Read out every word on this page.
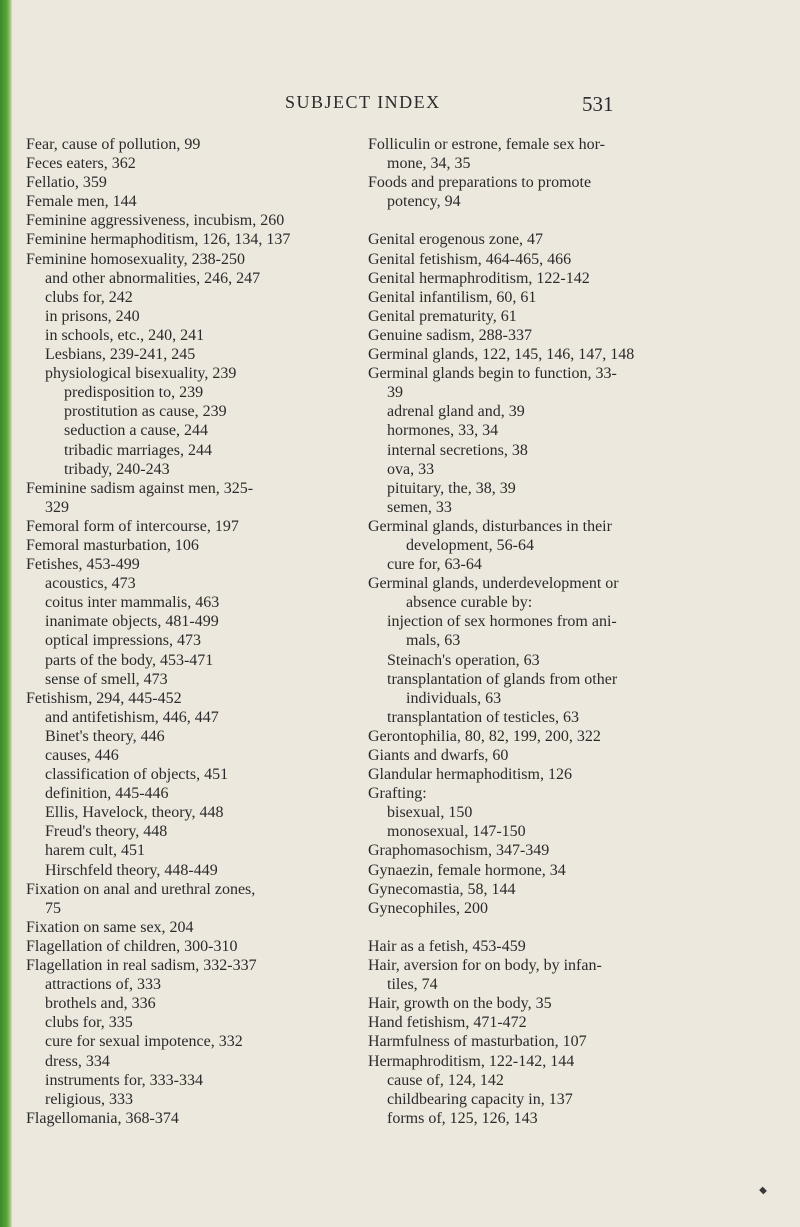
SUBJECT INDEX	531
Fear, cause of pollution, 99
Feces eaters, 362
Fellatio, 359
Female men, 144
Feminine aggressiveness, incubism, 260
Feminine hermaphoditism, 126, 134, 137
Feminine homosexuality, 238-250
and other abnormalities, 246, 247
clubs for, 242
in prisons, 240
in schools, etc., 240, 241
Lesbians, 239-241, 245
physiological bisexuality, 239
predisposition to, 239
prostitution as cause, 239
seduction a cause, 244
tribadic marriages, 244
tribady, 240-243
Feminine sadism against men, 325-
329
Femoral form of intercourse, 197
Femoral masturbation, 106
Fetishes, 453-499
acoustics, 473
coitus inter mammalis, 463
inanimate objects, 481-499
optical impressions, 473
parts of the body, 453-471
sense of smell, 473
Fetishism, 294, 445-452
and antifetishism, 446, 447
Binet's theory, 446
causes, 446
classification of objects, 451
definition, 445-446
Ellis, Havelock, theory, 448
Freud's theory, 448
harem cult, 451
Hirschfeld theory, 448-449
Fixation on anal and urethral zones,
75
Fixation on same sex, 204
Flagellation of children, 300-310
Flagellation in real sadism, 332-337
attractions of, 333
brothels and, 336
clubs for, 335
cure for sexual impotence, 332
dress, 334
instruments for, 333-334
religious, 333
Flagellomania, 368-374
Folliculin or estrone, female sex hor-
mone, 34, 35
Foods and preparations to promote
potency, 94
Genital erogenous zone, 47
Genital fetishism, 464-465, 466
Genital hermaphroditism, 122-142
Genital infantilism, 60, 61
Genital prematurity, 61
Genuine sadism, 288-337
Germinal glands, 122, 145, 146, 147, 148
Germinal glands begin to function, 33-
39
adrenal gland and, 39
hormones, 33, 34
internal secretions, 38
ova, 33
pituitary, the, 38, 39
semen, 33
Germinal glands, disturbances in their
development, 56-64
cure for, 63-64
Germinal glands, underdevelopment or
absence curable by:
injection of sex hormones from ani-
mals, 63
Steinach's operation, 63
transplantation of glands from other
individuals, 63
transplantation of testicles, 63
Gerontophilia, 80, 82, 199, 200, 322
Giants and dwarfs, 60
Glandular hermaphoditism, 126
Grafting:
bisexual, 150
monosexual, 147-150
Graphomasochism, 347-349
Gynaezin, female hormone, 34
Gynecomastia, 58, 144
Gynecophiles, 200
Hair as a fetish, 453-459
Hair, aversion for on body, by infan-
tiles, 74
Hair, growth on the body, 35
Hand fetishism, 471-472
Harmfulness of masturbation, 107
Hermaphroditism, 122-142, 144
cause of, 124, 142
childbearing capacity in, 137
forms of, 125, 126, 143
